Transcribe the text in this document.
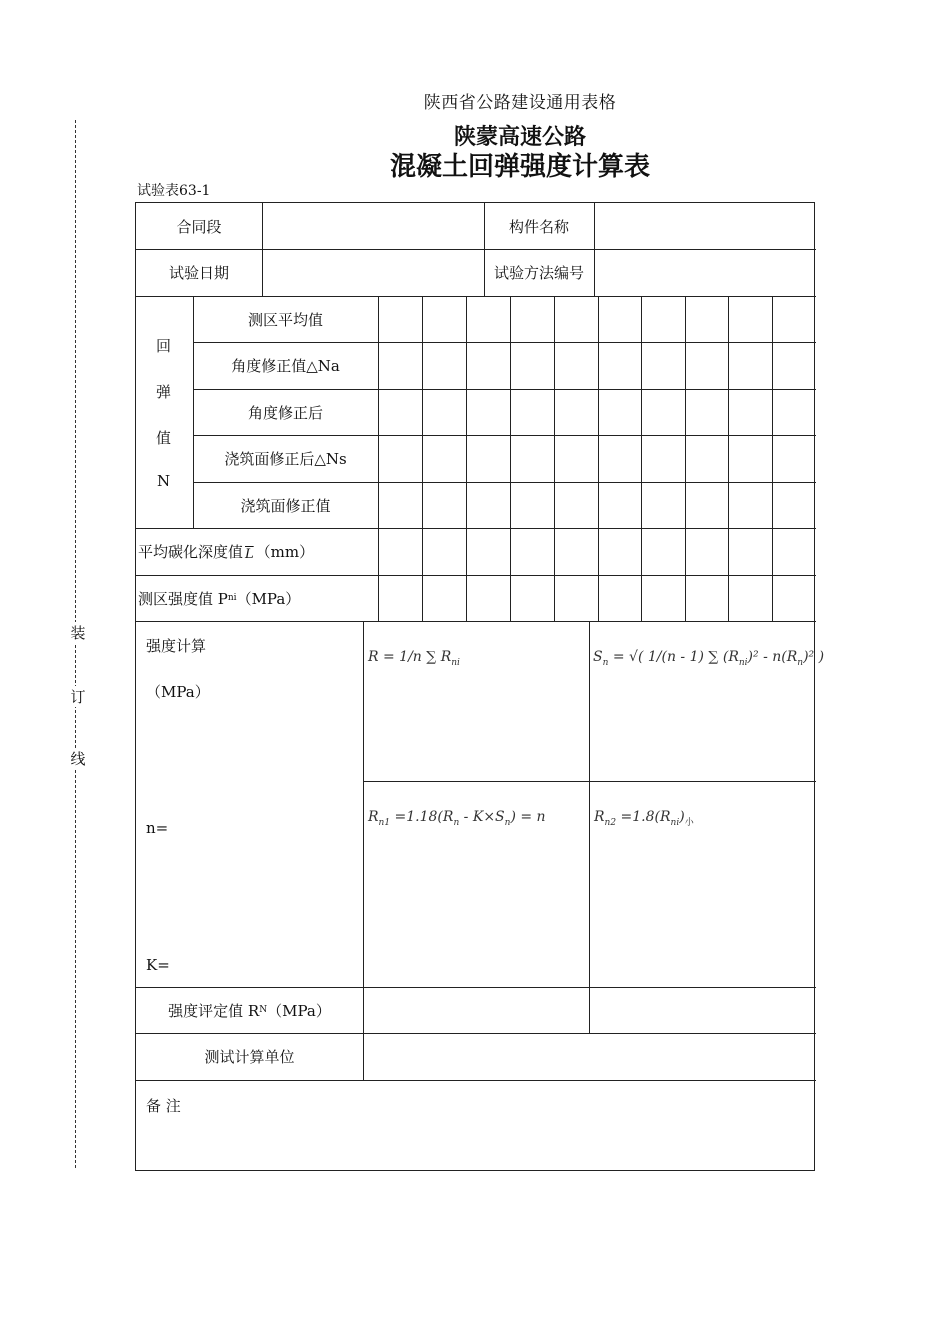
陕西省公路建设通用表格
陕蒙高速公路
混凝土回弹强度计算表
试验表63-1
装
订
线
合同段	构件名称
试验日期	试验方法编号
回
弹
值
N
测区平均值
角度修正值△Na
角度修正后
浇筑面修正后△Ns
浇筑面修正值
平均碳化深度值 $\overline{L}$ （mm）
测区强度值 P ni （MPa）
强度计算
（MPa）
n=
K=
R = 1/n ∑ $R_{ni}$	$S_n$ = √( 1/(n - 1) ∑ $(R_{ni})^2 - n(R_n)^2$ )
$R_{n1} =1.18(R_n - K\times S_n) = n$	$R_{n2} =1.8(R_{ni})_小$
强度评定值 R N （MPa）
测试计算单位
备 注
